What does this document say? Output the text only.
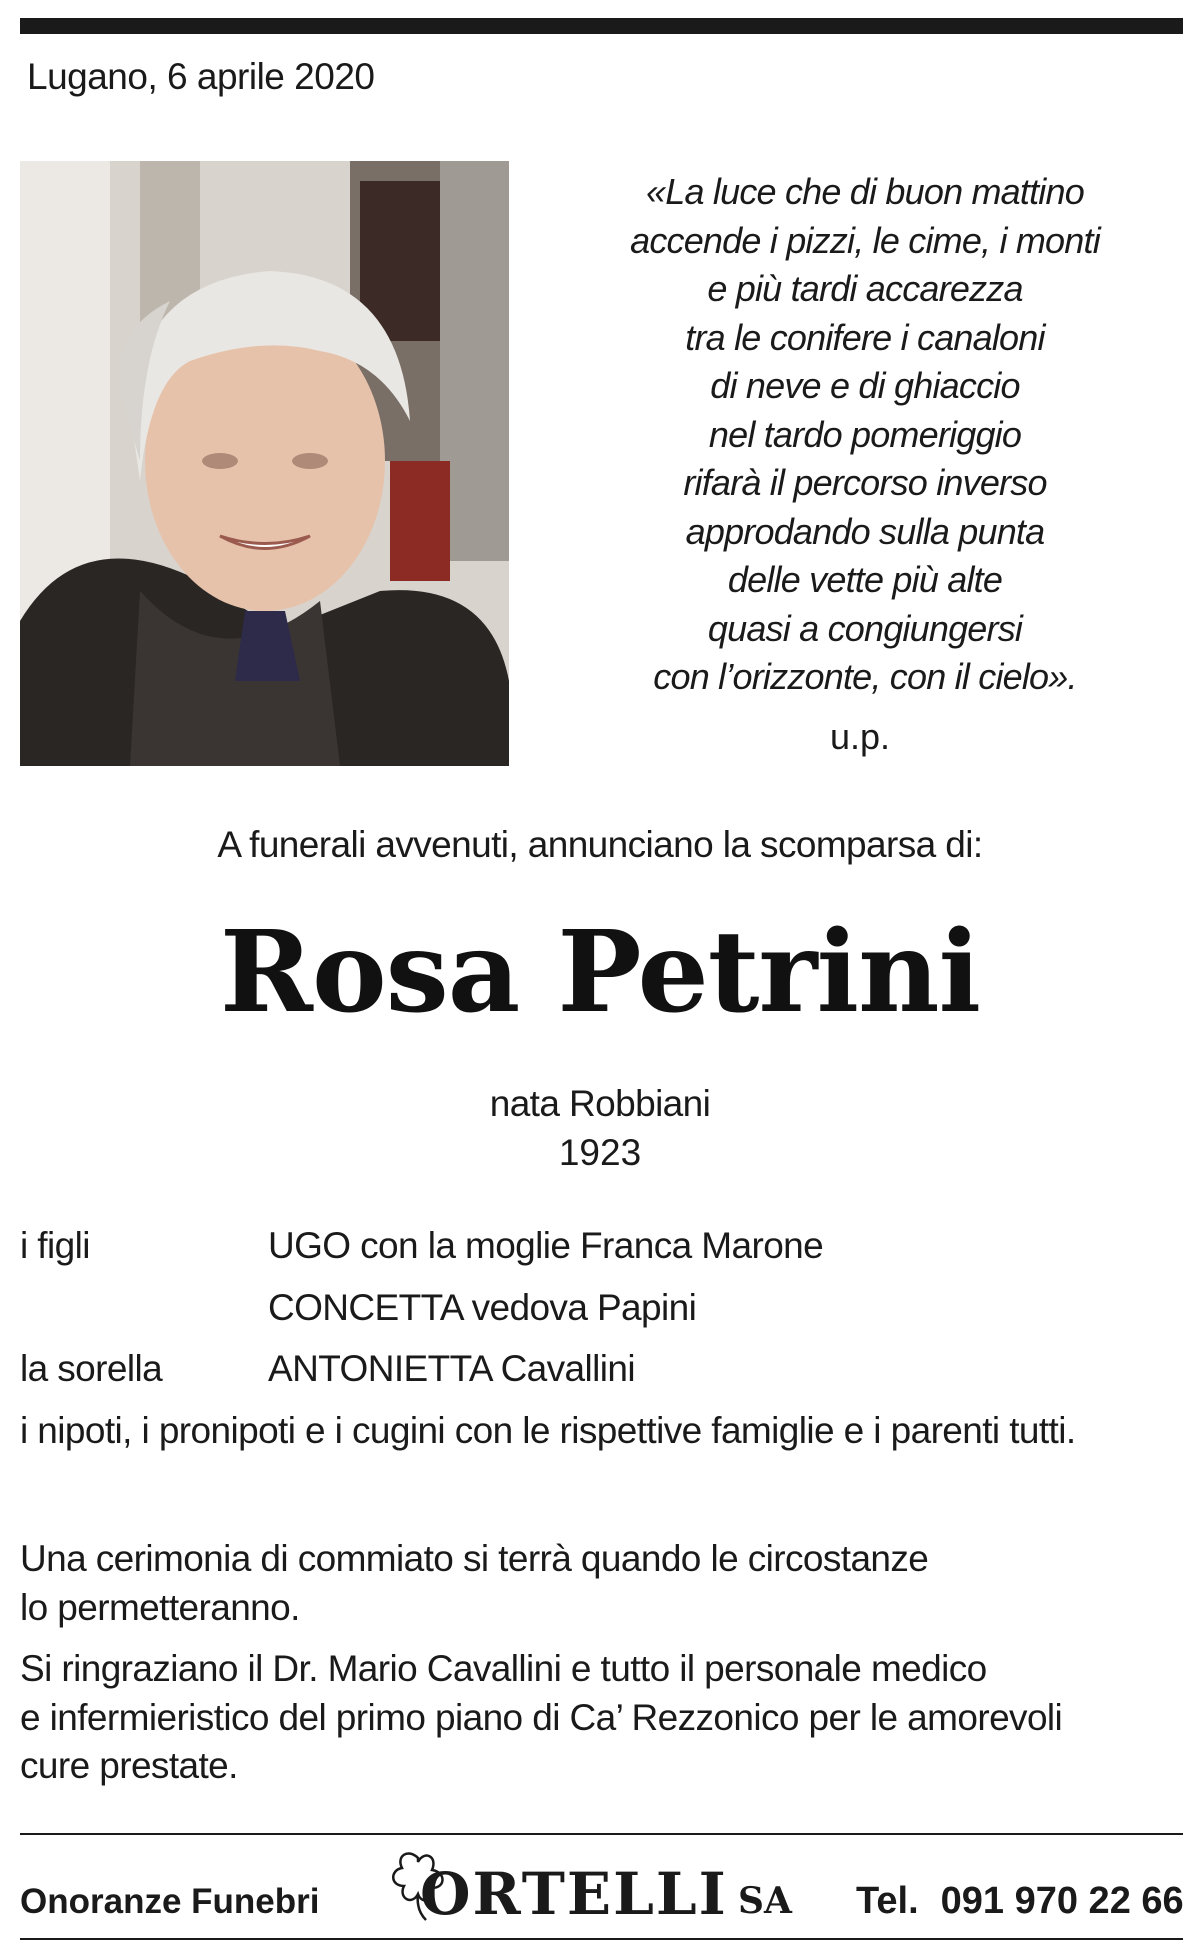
Lugano, 6 aprile 2020
«La luce che di buon mattino
accende i pizzi, le cime, i monti
e più tardi accarezza
tra le conifere i canaloni
di neve e di ghiaccio
nel tardo pomeriggio
rifarà il percorso inverso
approdando sulla punta
delle vette più alte
quasi a congiungersi
con l’orizzonte, con il cielo».
u.p.
A funerali avvenuti, annunciano la scomparsa di:
Rosa Petrini
nata Robbiani
1923
i figli	UGO con la moglie Franca Marone
CONCETTA vedova Papini
la sorella	ANTONIETTA Cavallini
i nipoti, i pronipoti e i cugini con le rispettive famiglie e i parenti tutti.
Una cerimonia di commiato si terrà quando le circostanze
lo permetteranno.
Si ringraziano il Dr. Mario Cavallini e tutto il personale medico
e infermieristico del primo piano di Ca’ Rezzonico per le amorevoli
cure prestate.
Onoranze Funebri ORTELLI SA Tel. 091 970 22 66
